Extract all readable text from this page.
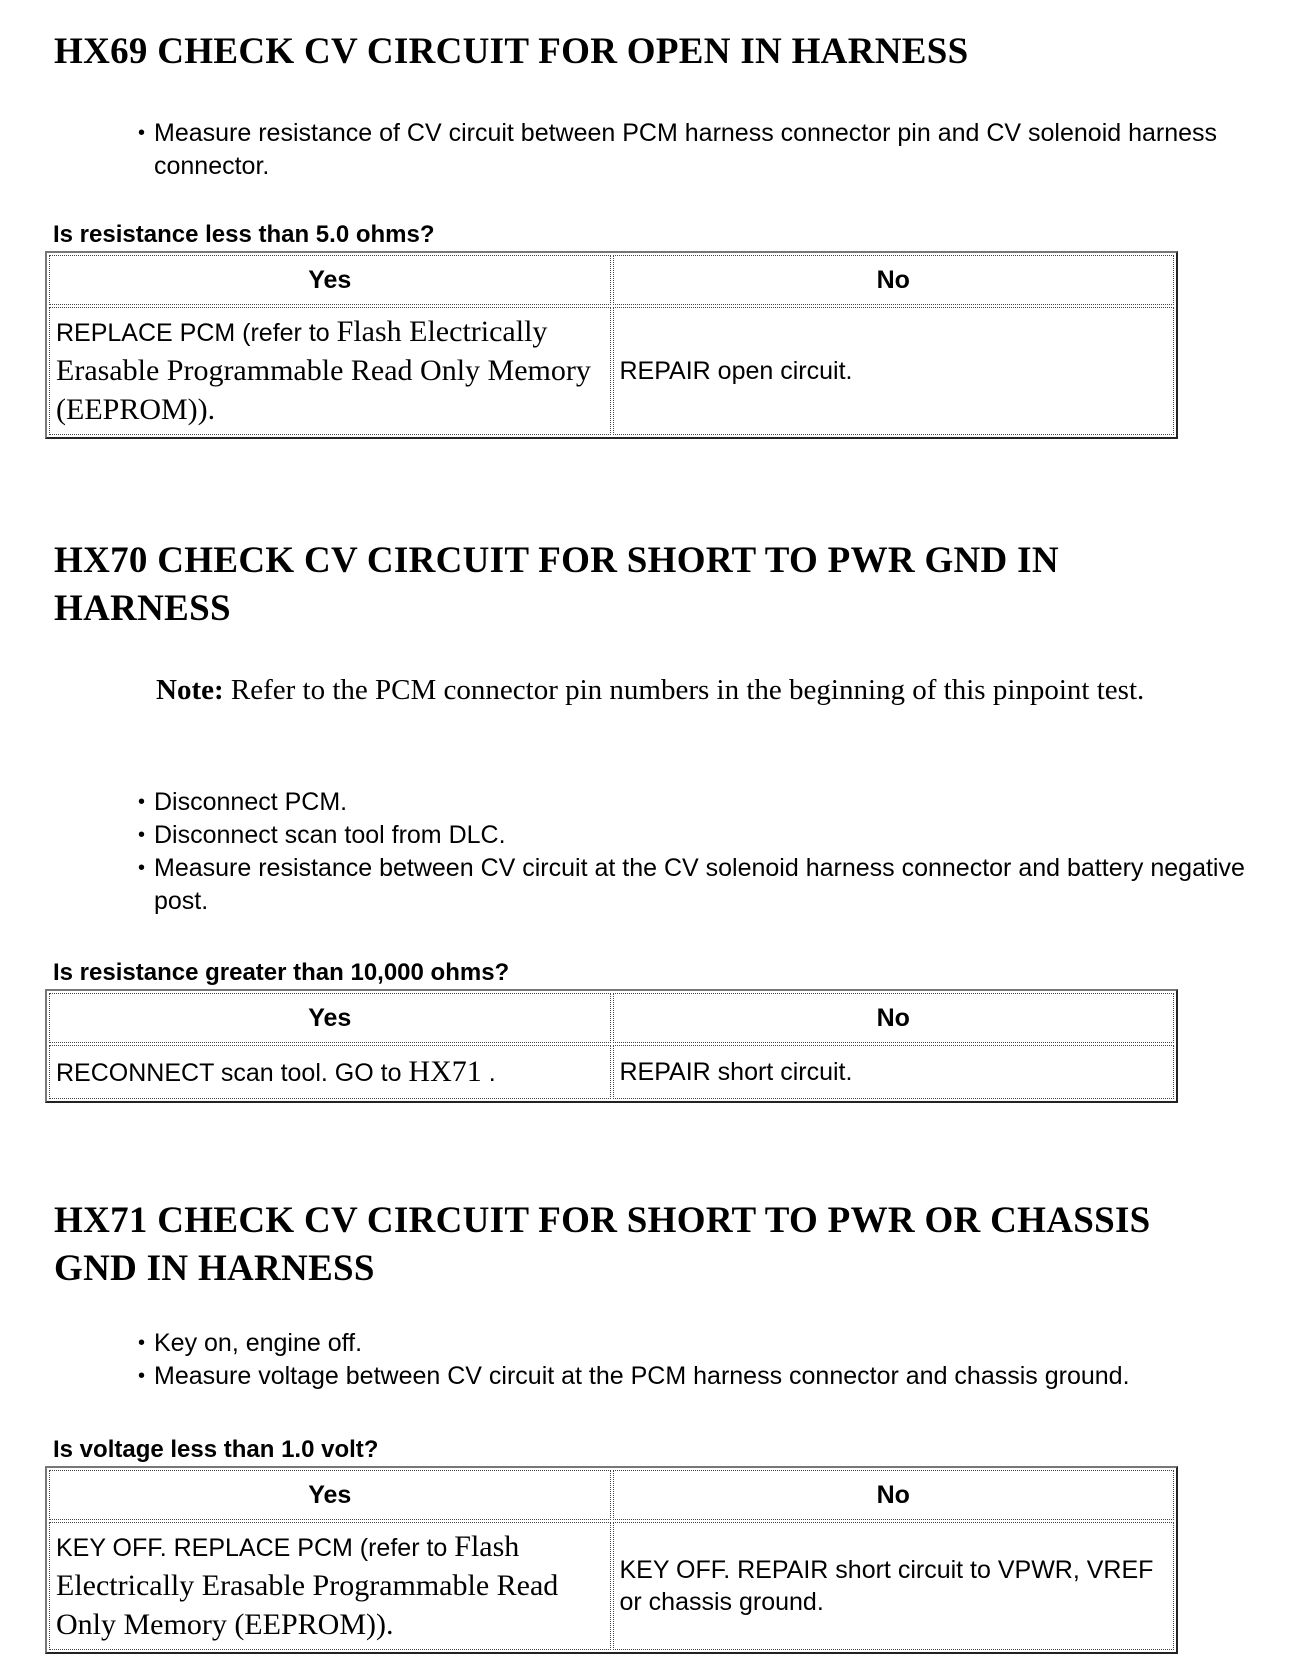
HX69 CHECK CV CIRCUIT FOR OPEN IN HARNESS
• Measure resistance of CV circuit between PCM harness connector pin and CV solenoid harness connector.

Is resistance less than 5.0 ohms?

Yes	No
REPLACE PCM (refer to Flash Electrically Erasable Programmable Read Only Memory (EEPROM)).	REPAIR open circuit.
HX70 CHECK CV CIRCUIT FOR SHORT TO PWR GND IN HARNESS
Note: Refer to the PCM connector pin numbers in the beginning of this pinpoint test.
• Disconnect PCM.
• Disconnect scan tool from DLC.
• Measure resistance between CV circuit at the CV solenoid harness connector and battery negative post.

Is resistance greater than 10,000 ohms?

Yes	No
RECONNECT scan tool. GO to HX71 .	REPAIR short circuit.
HX71 CHECK CV CIRCUIT FOR SHORT TO PWR OR CHASSIS GND IN HARNESS
• Key on, engine off.
• Measure voltage between CV circuit at the PCM harness connector and chassis ground.

Is voltage less than 1.0 volt?

Yes	No
KEY OFF. REPLACE PCM (refer to Flash Electrically Erasable Programmable Read Only Memory (EEPROM)).	KEY OFF. REPAIR short circuit to VPWR, VREF or chassis ground.
